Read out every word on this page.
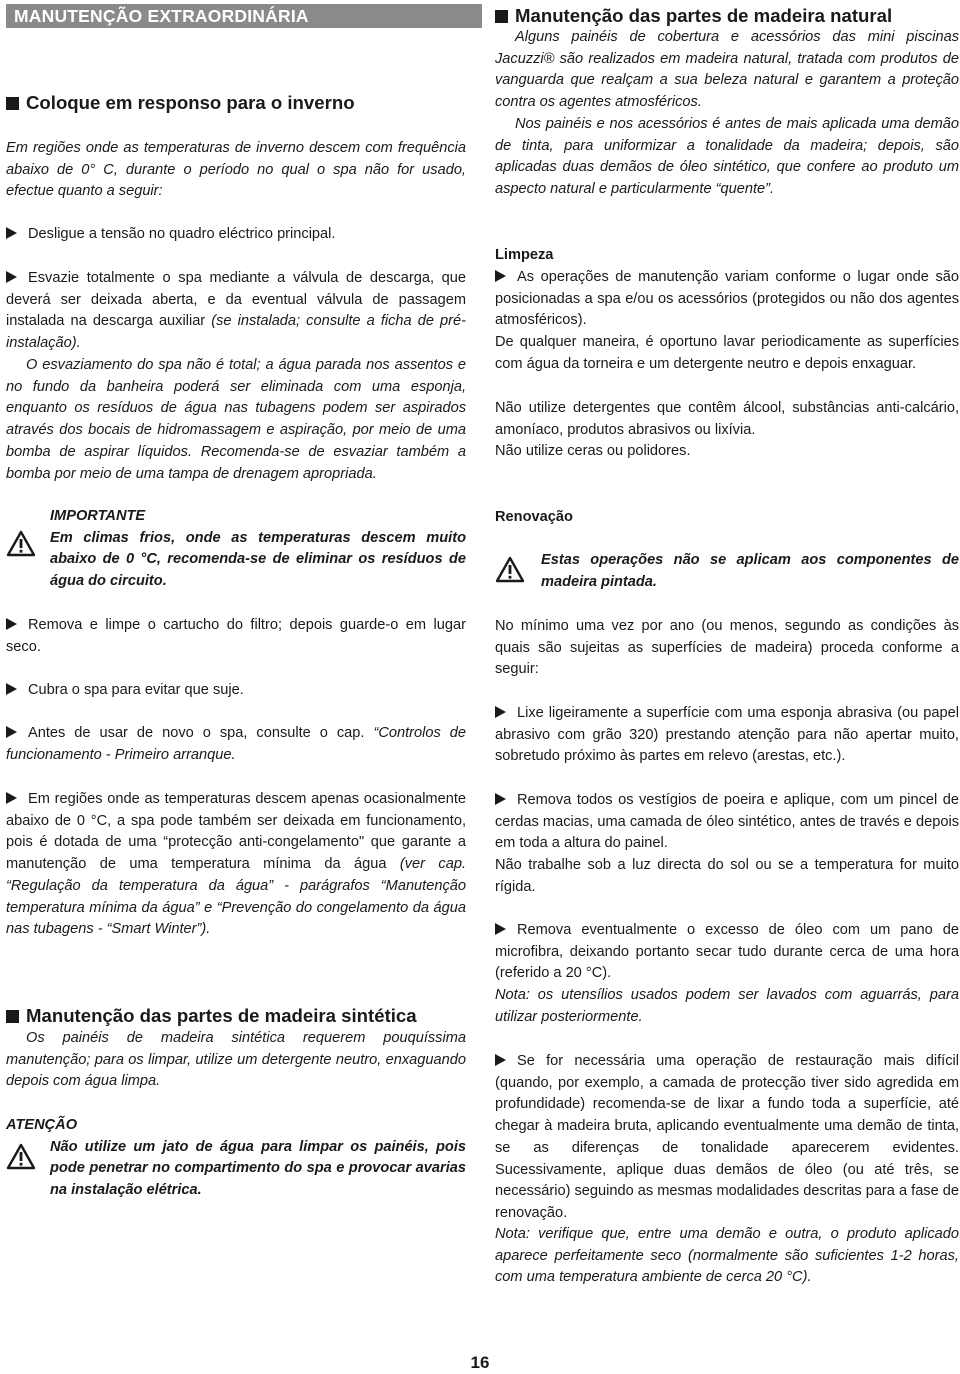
MANUTENÇÃO EXTRAORDINÁRIA
Coloque em responso para o inverno

Em regiões onde as temperaturas de inverno descem com frequência abaixo de 0° C, durante o período no qual o spa não for usado, efectue quanto a seguir:

Desligue a tensão no quadro eléctrico principal.

Esvazie totalmente o spa mediante a válvula de descarga, que deverá ser deixada aberta, e da eventual válvula de passagem instalada na descarga auxiliar (se instalada; consulte a ficha de pré-instalação).

O esvaziamento do spa não é total; a água parada nos assentos e no fundo da banheira poderá ser eliminada com uma esponja, enquanto os resíduos de água nas tubagens podem ser aspirados através dos bocais de hidromassagem e aspiração, por meio de uma bomba de aspirar líquidos. Recomenda-se de esvaziar também a bomba por meio de uma tampa de drenagem apropriada.

IMPORTANTE

Em climas frios, onde as temperaturas descem muito abaixo de 0 °C, recomenda-se de eliminar os resíduos de água do circuito.

Remova e limpe o cartucho do filtro; depois guarde-o em lugar seco.

Cubra o spa para evitar que suje.

Antes de usar de novo o spa, consulte o cap. “Controlos de funcionamento - Primeiro arranque.

Em regiões onde as temperaturas descem apenas ocasionalmente abaixo de 0 °C, a spa pode também ser deixada em funcionamento, pois é dotada de uma “protecção anti-congelamento" que garante a manutenção de uma temperatura mínima da água (ver cap. “Regulação da temperatura da água” - parágrafos “Manutenção temperatura mínima da água” e “Prevenção do congelamento da água nas tubagens - “Smart Winter”).

Manutenção das partes de madeira sintética

Os painéis de madeira sintética requerem pouquíssima manutenção; para os limpar, utilize um detergente neutro, enxaguando depois com água limpa.

ATENÇÃO

Não utilize um jato de água para limpar os painéis, pois pode penetrar no compartimento do spa e provocar avarias na instalação elétrica.

Manutenção das partes de madeira natural

Alguns painéis de cobertura e acessórios das mini piscinas Jacuzzi® são realizados em madeira natural, tratada com produtos de vanguarda que realçam a sua beleza natural e garantem a proteção contra os agentes atmosféricos.

Nos painéis e nos acessórios é antes de mais aplicada uma demão de tinta, para uniformizar a tonalidade da madeira; depois, são aplicadas duas demãos de óleo sintético, que confere ao produto um aspecto natural e particularmente “quente”.

Limpeza

As operações de manutenção variam conforme o lugar onde são posicionadas a spa e/ou os acessórios (protegidos ou não dos agentes atmosféricos).

De qualquer maneira, é oportuno lavar periodicamente as superfícies com água da torneira e um detergente neutro e depois enxaguar.

Não utilize detergentes que contêm álcool, substâncias anti-calcário, amoníaco, produtos abrasivos ou lixívia.

Não utilize ceras ou polidores.

Renovação

Estas operações não se aplicam aos componentes de madeira pintada.

No mínimo uma vez por ano (ou menos, segundo as condições às quais são sujeitas as superfícies de madeira) proceda conforme a seguir:

Lixe ligeiramente a superfície com uma esponja abrasiva (ou papel abrasivo com grão 320) prestando atenção para não apertar muito, sobretudo próximo às partes em relevo (arestas, etc.).

Remova todos os vestígios de poeira e aplique, com um pincel de cerdas macias, uma camada de óleo sintético, antes de través e depois em toda a altura do painel.

Não trabalhe sob a luz directa do sol ou se a temperatura for muito rígida.

Remova eventualmente o excesso de óleo com um pano de microfibra, deixando portanto secar tudo durante cerca de uma hora (referido a 20 °C).

Nota: os utensílios usados podem ser lavados com aguarrás, para utilizar posteriormente.

Se for necessária uma operação de restauração mais difícil (quando, por exemplo, a camada de protecção tiver sido agredida em profundidade) recomenda-se de lixar a fundo toda a superfície, até chegar à madeira bruta, aplicando eventualmente uma demão de tinta, se as diferenças de tonalidade aparecerem evidentes. Sucessivamente, aplique duas demãos de óleo (ou até três, se necessário) seguindo as mesmas modalidades descritas para a fase de renovação.

Nota: verifique que, entre uma demão e outra, o produto aplicado aparece perfeitamente seco (normalmente são suficientes 1-2 horas, com uma temperatura ambiente de cerca 20 °C).

16
